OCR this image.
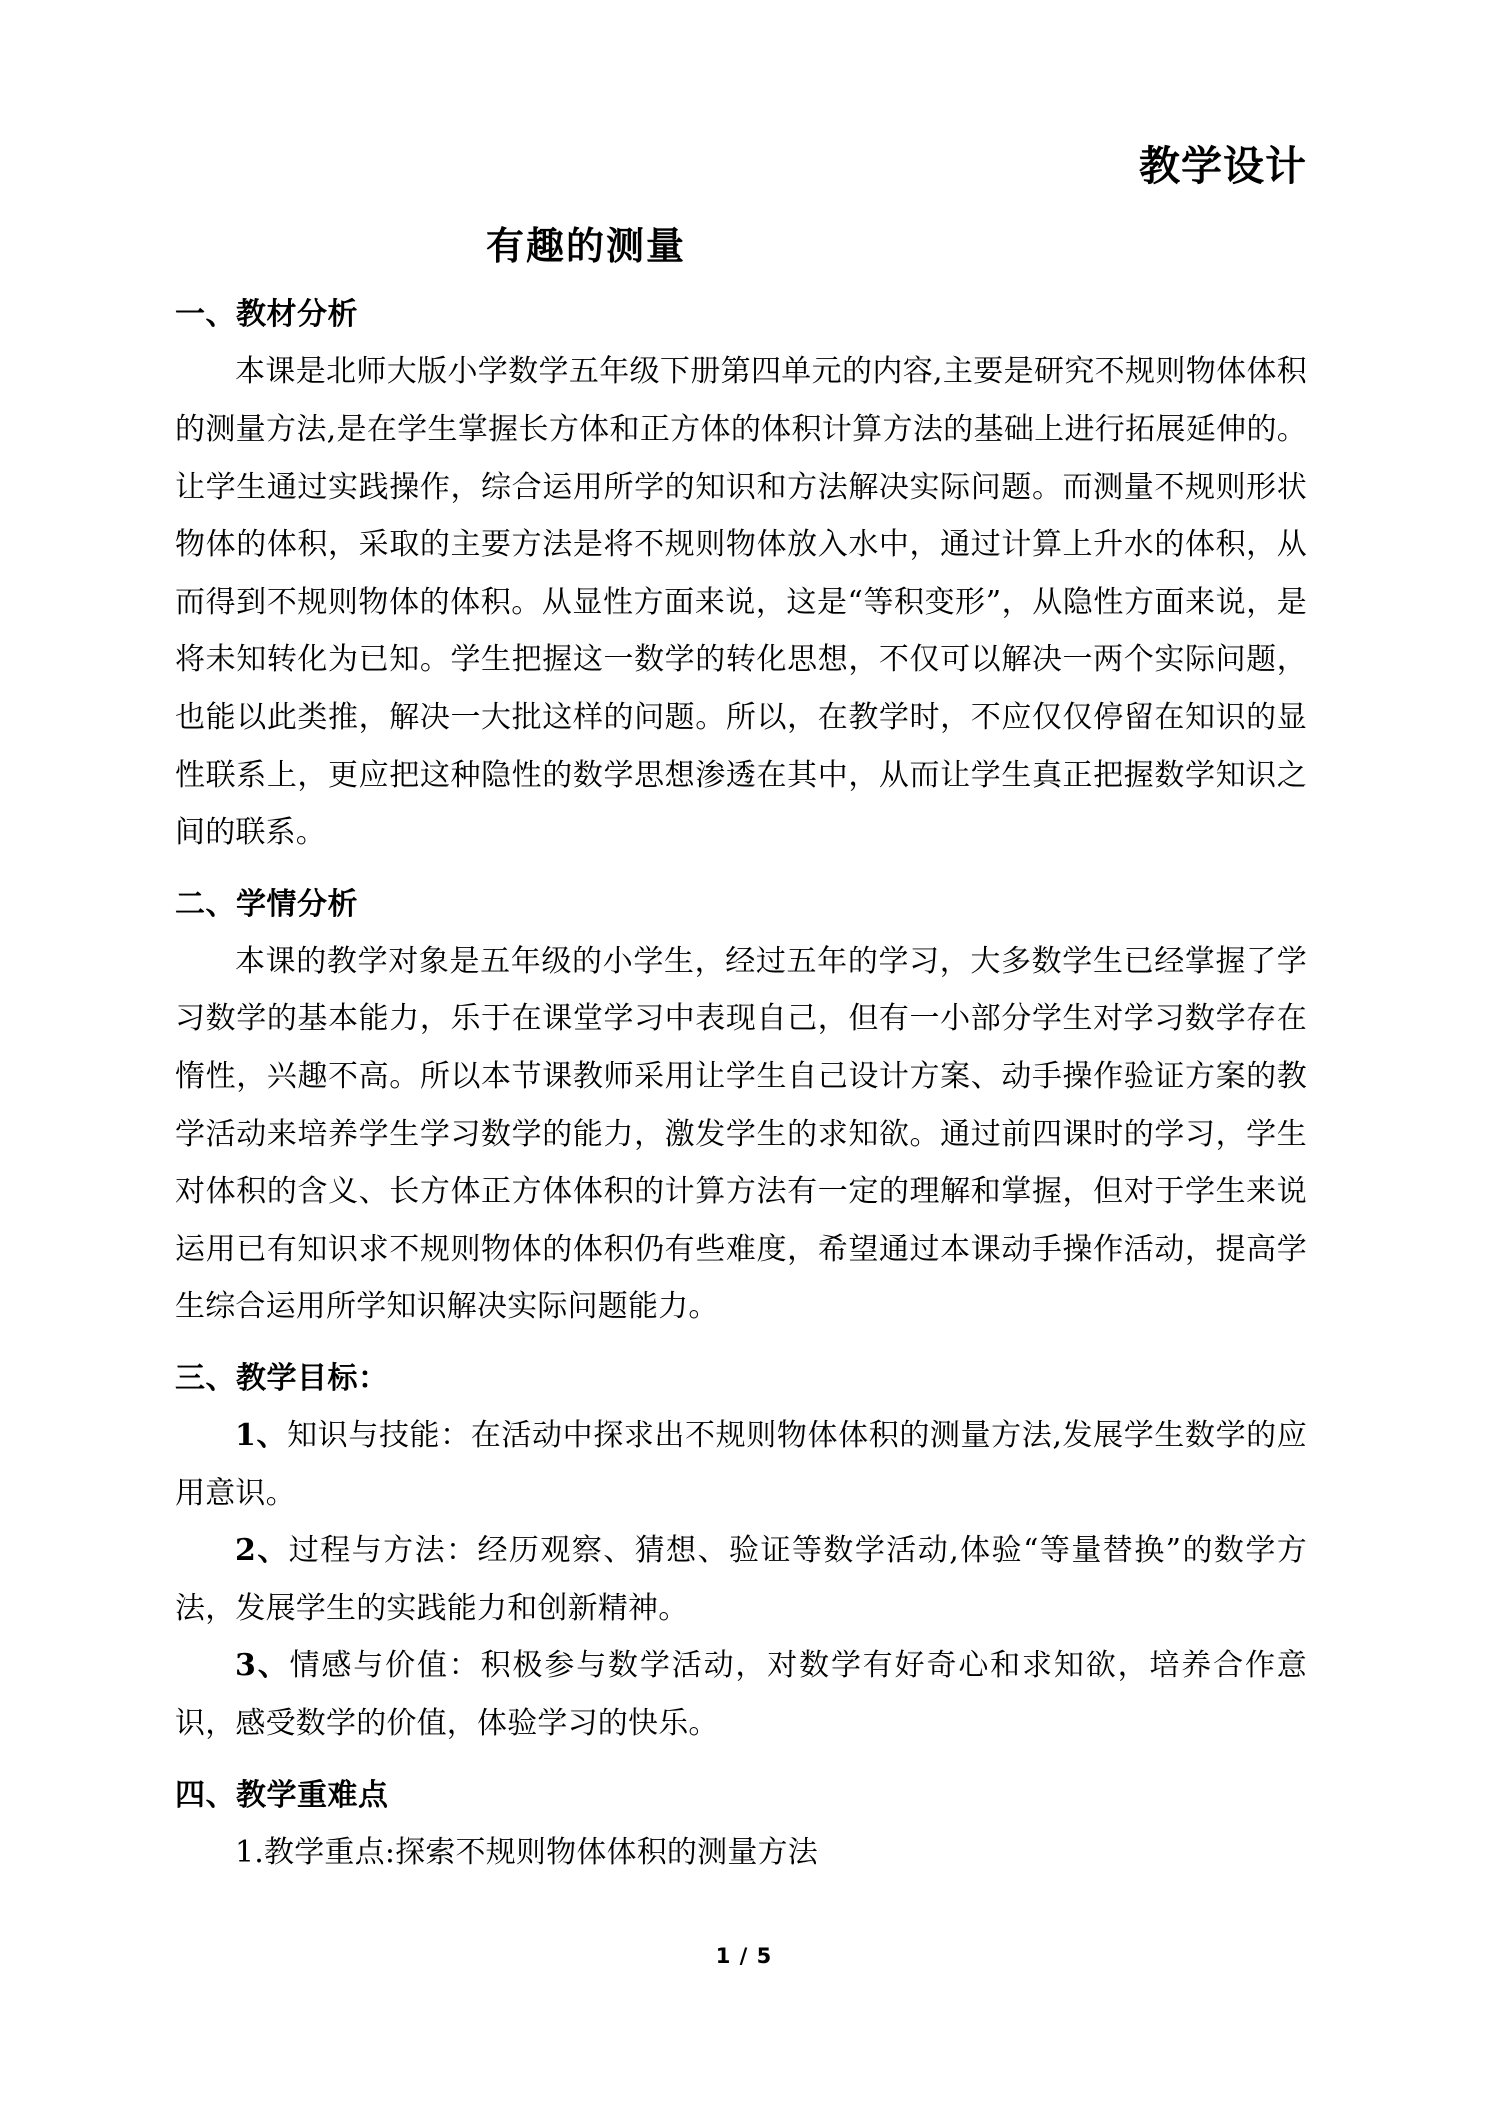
教学设计
有趣的测量
一、教材分析

本课是北师大版小学数学五年级下册第四单元的内容,主要是研究不规则物体体积的测量方法,是在学生掌握长方体和正方体的体积计算方法的基础上进行拓展延伸的。让学生通过实践操作，综合运用所学的知识和方法解决实际问题。而测量不规则形状物体的体积，采取的主要方法是将不规则物体放入水中，通过计算上升水的体积，从而得到不规则物体的体积。从显性方面来说，这是“等积变形”，从隐性方面来说，是将未知转化为已知。学生把握这一数学的转化思想，不仅可以解决一两个实际问题，也能以此类推，解决一大批这样的问题。所以，在教学时，不应仅仅停留在知识的显性联系上，更应把这种隐性的数学思想渗透在其中，从而让学生真正把握数学知识之间的联系。

二、学情分析

本课的教学对象是五年级的小学生，经过五年的学习，大多数学生已经掌握了学习数学的基本能力，乐于在课堂学习中表现自己，但有一小部分学生对学习数学存在惰性，兴趣不高。所以本节课教师采用让学生自己设计方案、动手操作验证方案的教学活动来培养学生学习数学的能力，激发学生的求知欲。通过前四课时的学习，学生对体积的含义、长方体正方体体积的计算方法有一定的理解和掌握，但对于学生来说运用已有知识求不规则物体的体积仍有些难度，希望通过本课动手操作活动，提高学生综合运用所学知识解决实际问题能力。

三、教学目标：

1、知识与技能：在活动中探求出不规则物体体积的测量方法,发展学生数学的应用意识。

2、过程与方法：经历观察、猜想、验证等数学活动,体验“等量替换”的数学方法，发展学生的实践能力和创新精神。

3、情感与价值：积极参与数学活动，对数学有好奇心和求知欲，培养合作意识，感受数学的价值，体验学习的快乐。

四、教学重难点

1.教学重点:探索不规则物体体积的测量方法

1 / 5
